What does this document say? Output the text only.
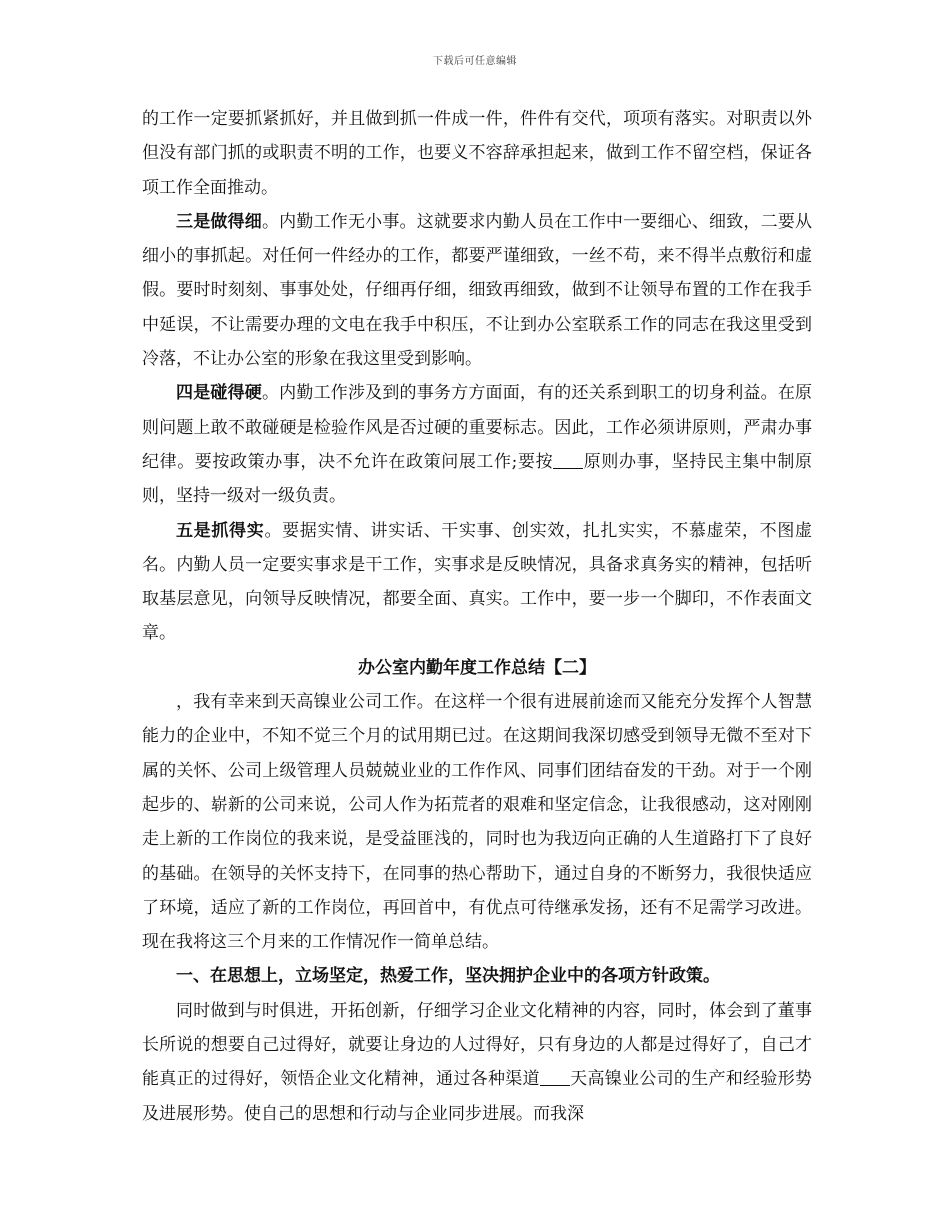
下载后可任意编辑

的工作一定要抓紧抓好，并且做到抓一件成一件，件件有交代，项项有落实。对职责以外但没有部门抓的或职责不明的工作，也要义不容辞承担起来，做到工作不留空档，保证各项工作全面推动。

三是做得细。内勤工作无小事。这就要求内勤人员在工作中一要细心、细致，二要从细小的事抓起。对任何一件经办的工作，都要严谨细致，一丝不苟，来不得半点敷衍和虚假。要时时刻刻、事事处处，仔细再仔细，细致再细致，做到不让领导布置的工作在我手中延误，不让需要办理的文电在我手中积压，不让到办公室联系工作的同志在我这里受到冷落，不让办公室的形象在我这里受到影响。

四是碰得硬。内勤工作涉及到的事务方方面面，有的还关系到职工的切身利益。在原则问题上敢不敢碰硬是检验作风是否过硬的重要标志。因此，工作必须讲原则，严肃办事纪律。要按政策办事，决不允许在政策问展工作;要按 原则办事，坚持民主集中制原则，坚持一级对一级负责。

五是抓得实。要据实情、讲实话、干实事、创实效，扎扎实实，不慕虚荣，不图虚名。内勤人员一定要实事求是干工作，实事求是反映情况，具备求真务实的精神，包括听取基层意见，向领导反映情况，都要全面、真实。工作中，要一步一个脚印，不作表面文章。

办公室内勤年度工作总结【二】

，我有幸来到天高镍业公司工作。在这样一个很有进展前途而又能充分发挥个人智慧能力的企业中，不知不觉三个月的试用期已过。在这期间我深切感受到领导无微不至对下属的关怀、公司上级管理人员兢兢业业的工作作风、同事们团结奋发的干劲。对于一个刚起步的、崭新的公司来说，公司人作为拓荒者的艰难和坚定信念，让我很感动，这对刚刚走上新的工作岗位的我来说，是受益匪浅的，同时也为我迈向正确的人生道路打下了良好的基础。在领导的关怀支持下，在同事的热心帮助下，通过自身的不断努力，我很快适应了环境，适应了新的工作岗位，再回首中，有优点可待继承发扬，还有不足需学习改进。现在我将这三个月来的工作情况作一简单总结。

一、在思想上，立场坚定，热爱工作，坚决拥护企业中的各项方针政策。

同时做到与时俱进，开拓创新，仔细学习企业文化精神的内容，同时，体会到了董事长所说的想要自己过得好，就要让身边的人过得好，只有身边的人都是过得好了，自己才能真正的过得好，领悟企业文化精神，通过各种渠道 天高镍业公司的生产和经验形势及进展形势。使自己的思想和行动与企业同步进展。而我深
